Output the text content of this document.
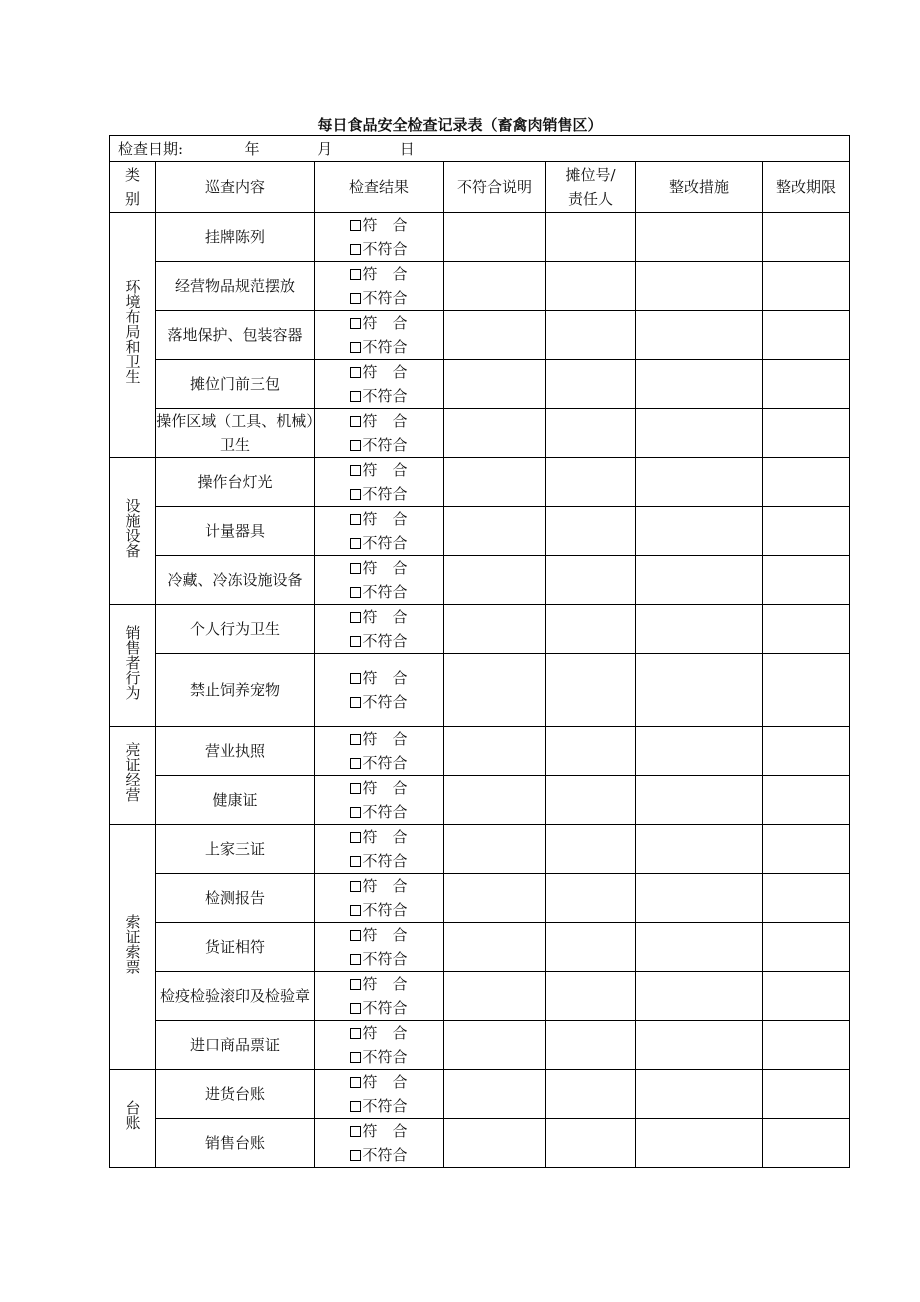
每日食品安全检查记录表（畜禽肉销售区）
检查日期: 年 月 日						
类别	巡查内容	检查结果	不符合说明	摊位号/责任人	整改措施	整改期限
环境布局和卫生	挂牌陈列	符　合
不符合				

	经营物品规范摆放	符　合
不符合				

	落地保护、包装容器	符　合
不符合				

	摊位门前三包	符　合
不符合				

	操作区域（工具、机械）卫生	符　合
不符合				

设施设备	操作台灯光	符　合
不符合				

	计量器具	符　合
不符合				

	冷藏、冷冻设施设备	符　合
不符合				

销售者行为	个人行为卫生	符　合
不符合				

	禁止饲养宠物	符　合
不符合				

亮证经营	营业执照	符　合
不符合				

	健康证	符　合
不符合				

索证索票	上家三证	符　合
不符合				

	检测报告	符　合
不符合				

	货证相符	符　合
不符合				

	检疫检验滚印及检验章	符　合
不符合				

	进口商品票证	符　合
不符合				

台账	进货台账	符　合
不符合				

	销售台账	符　合
不符合				
